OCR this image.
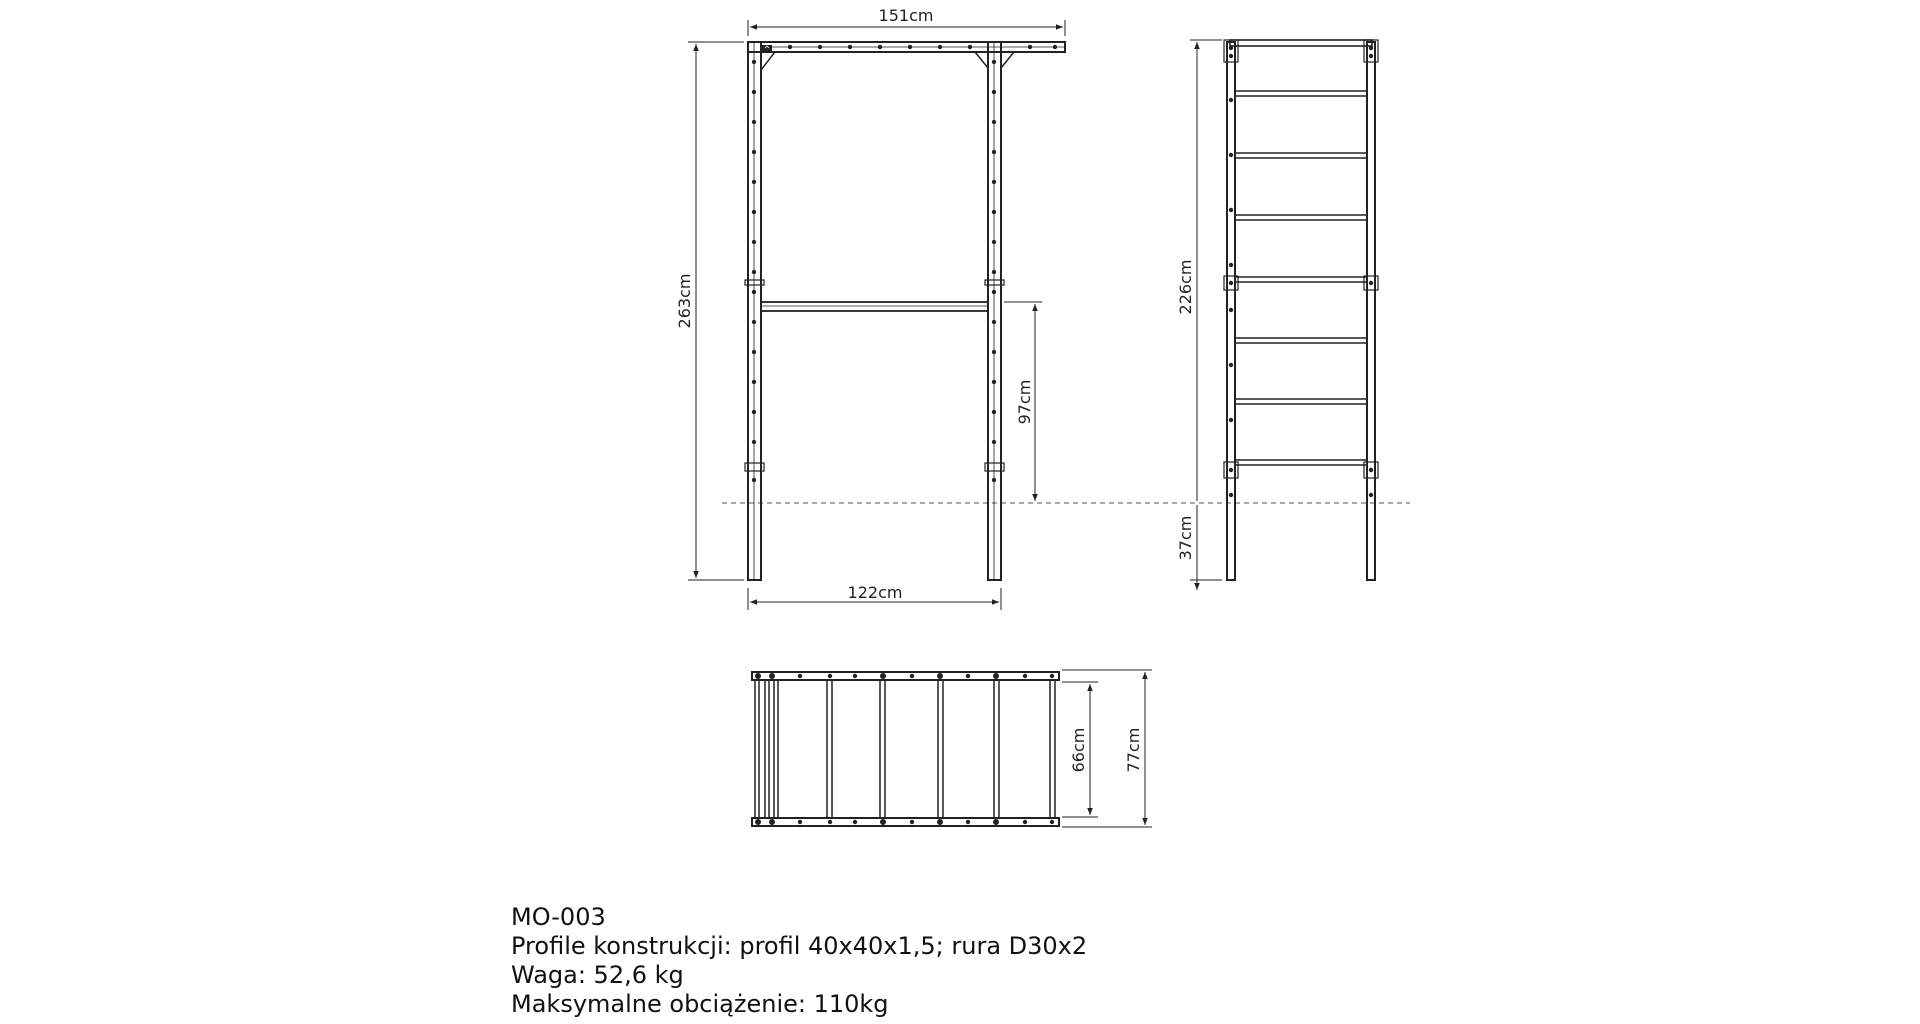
151cm
122cm
263cm
97cm
226cm
37cm
66cm 77cm
MO-003
Profile konstrukcji: profil 40x40x1,5; rura D30x2
Waga: 52,6 kg
Maksymalne obciążenie: 110kg
